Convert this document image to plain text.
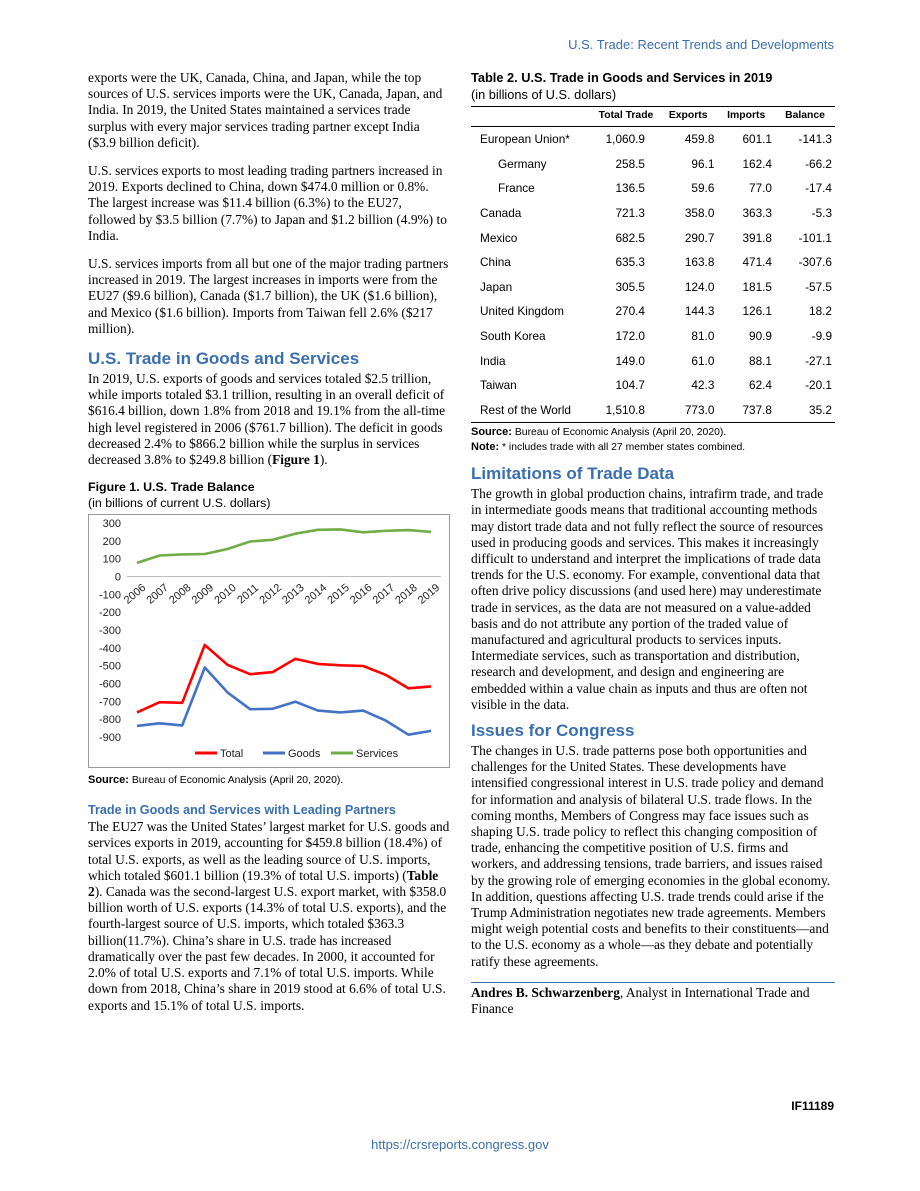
U.S. Trade: Recent Trends and Developments

exports were the UK, Canada, China, and Japan, while the top sources of U.S. services imports were the UK, Canada, Japan, and India. In 2019, the United States maintained a services trade surplus with every major services trading partner except India ($3.9 billion deficit).

U.S. services exports to most leading trading partners increased in 2019. Exports declined to China, down $474.0 million or 0.8%. The largest increase was $11.4 billion (6.3%) to the EU27, followed by $3.5 billion (7.7%) to Japan and $1.2 billion (4.9%) to India.

U.S. services imports from all but one of the major trading partners increased in 2019. The largest increases in imports were from the EU27 ($9.6 billion), Canada ($1.7 billion), the UK ($1.6 billion), and Mexico ($1.6 billion). Imports from Taiwan fell 2.6% ($217 million).

U.S. Trade in Goods and Services

In 2019, U.S. exports of goods and services totaled $2.5 trillion, while imports totaled $3.1 trillion, resulting in an overall deficit of $616.4 billion, down 1.8% from 2018 and 19.1% from the all-time high level registered in 2006 ($761.7 billion). The deficit in goods decreased 2.4% to $866.2 billion while the surplus in services decreased 3.8% to $249.8 billion (Figure 1).

Figure 1. U.S. Trade Balance
(in billions of current U.S. dollars)
300
200
100
0
-100
-200
-300
-400
-500
-600
-700
-800
-900
2006
2007
2008
2009
2010
2011
2012
2013
2014
2015
2016
2017
2018
2019
Total	Goods	Services
Source: Bureau of Economic Analysis (April 20, 2020).
Trade in Goods and Services with Leading Partners

The EU27 was the United States’ largest market for U.S. goods and services exports in 2019, accounting for $459.8 billion (18.4%) of total U.S. exports, as well as the leading source of U.S. imports, which totaled $601.1 billion (19.3% of total U.S. imports) (Table 2). Canada was the second-largest U.S. export market, with $358.0 billion worth of U.S. exports (14.3% of total U.S. exports), and the fourth-largest source of U.S. imports, which totaled $363.3 billion(11.7%). China’s share in U.S. trade has increased dramatically over the past few decades. In 2000, it accounted for 2.0% of total U.S. exports and 7.1% of total U.S. imports. While down from 2018, China’s share in 2019 stood at 6.6% of total U.S. exports and 15.1% of total U.S. imports.

Table 2. U.S. Trade in Goods and Services in 2019
(in billions of U.S. dollars)
	Total Trade	Exports	Imports	Balance
European Union*	1,060.9	459.8	601.1	-141.3
Germany	258.5	96.1	162.4	-66.2
France	136.5	59.6	77.0	-17.4
Canada	721.3	358.0	363.3	-5.3
Mexico	682.5	290.7	391.8	-101.1
China	635.3	163.8	471.4	-307.6
Japan	305.5	124.0	181.5	-57.5
United Kingdom	270.4	144.3	126.1	18.2
South Korea	172.0	81.0	90.9	-9.9
India	149.0	61.0	88.1	-27.1
Taiwan	104.7	42.3	62.4	-20.1
Rest of the World	1,510.8	773.0	737.8	35.2
Source: Bureau of Economic Analysis (April 20, 2020).
Note: * includes trade with all 27 member states combined.
Limitations of Trade Data

The growth in global production chains, intrafirm trade, and trade in intermediate goods means that traditional accounting methods may distort trade data and not fully reflect the source of resources used in producing goods and services. This makes it increasingly difficult to understand and interpret the implications of trade data trends for the U.S. economy. For example, conventional data that often drive policy discussions (and used here) may underestimate trade in services, as the data are not measured on a value-added basis and do not attribute any portion of the traded value of manufactured and agricultural products to services inputs. Intermediate services, such as transportation and distribution, research and development, and design and engineering are embedded within a value chain as inputs and thus are often not visible in the data.

Issues for Congress

The changes in U.S. trade patterns pose both opportunities and challenges for the United States. These developments have intensified congressional interest in U.S. trade policy and demand for information and analysis of bilateral U.S. trade flows. In the coming months, Members of Congress may face issues such as shaping U.S. trade policy to reflect this changing composition of trade, enhancing the competitive position of U.S. firms and workers, and addressing tensions, trade barriers, and issues raised by the growing role of emerging economies in the global economy. In addition, questions affecting U.S. trade trends could arise if the Trump Administration negotiates new trade agreements. Members might weigh potential costs and benefits to their constituents—and to the U.S. economy as a whole—as they debate and potentially ratify these agreements.

Andres B. Schwarzenberg, Analyst in International Trade and Finance

IF11189
https://crsreports.congress.gov
